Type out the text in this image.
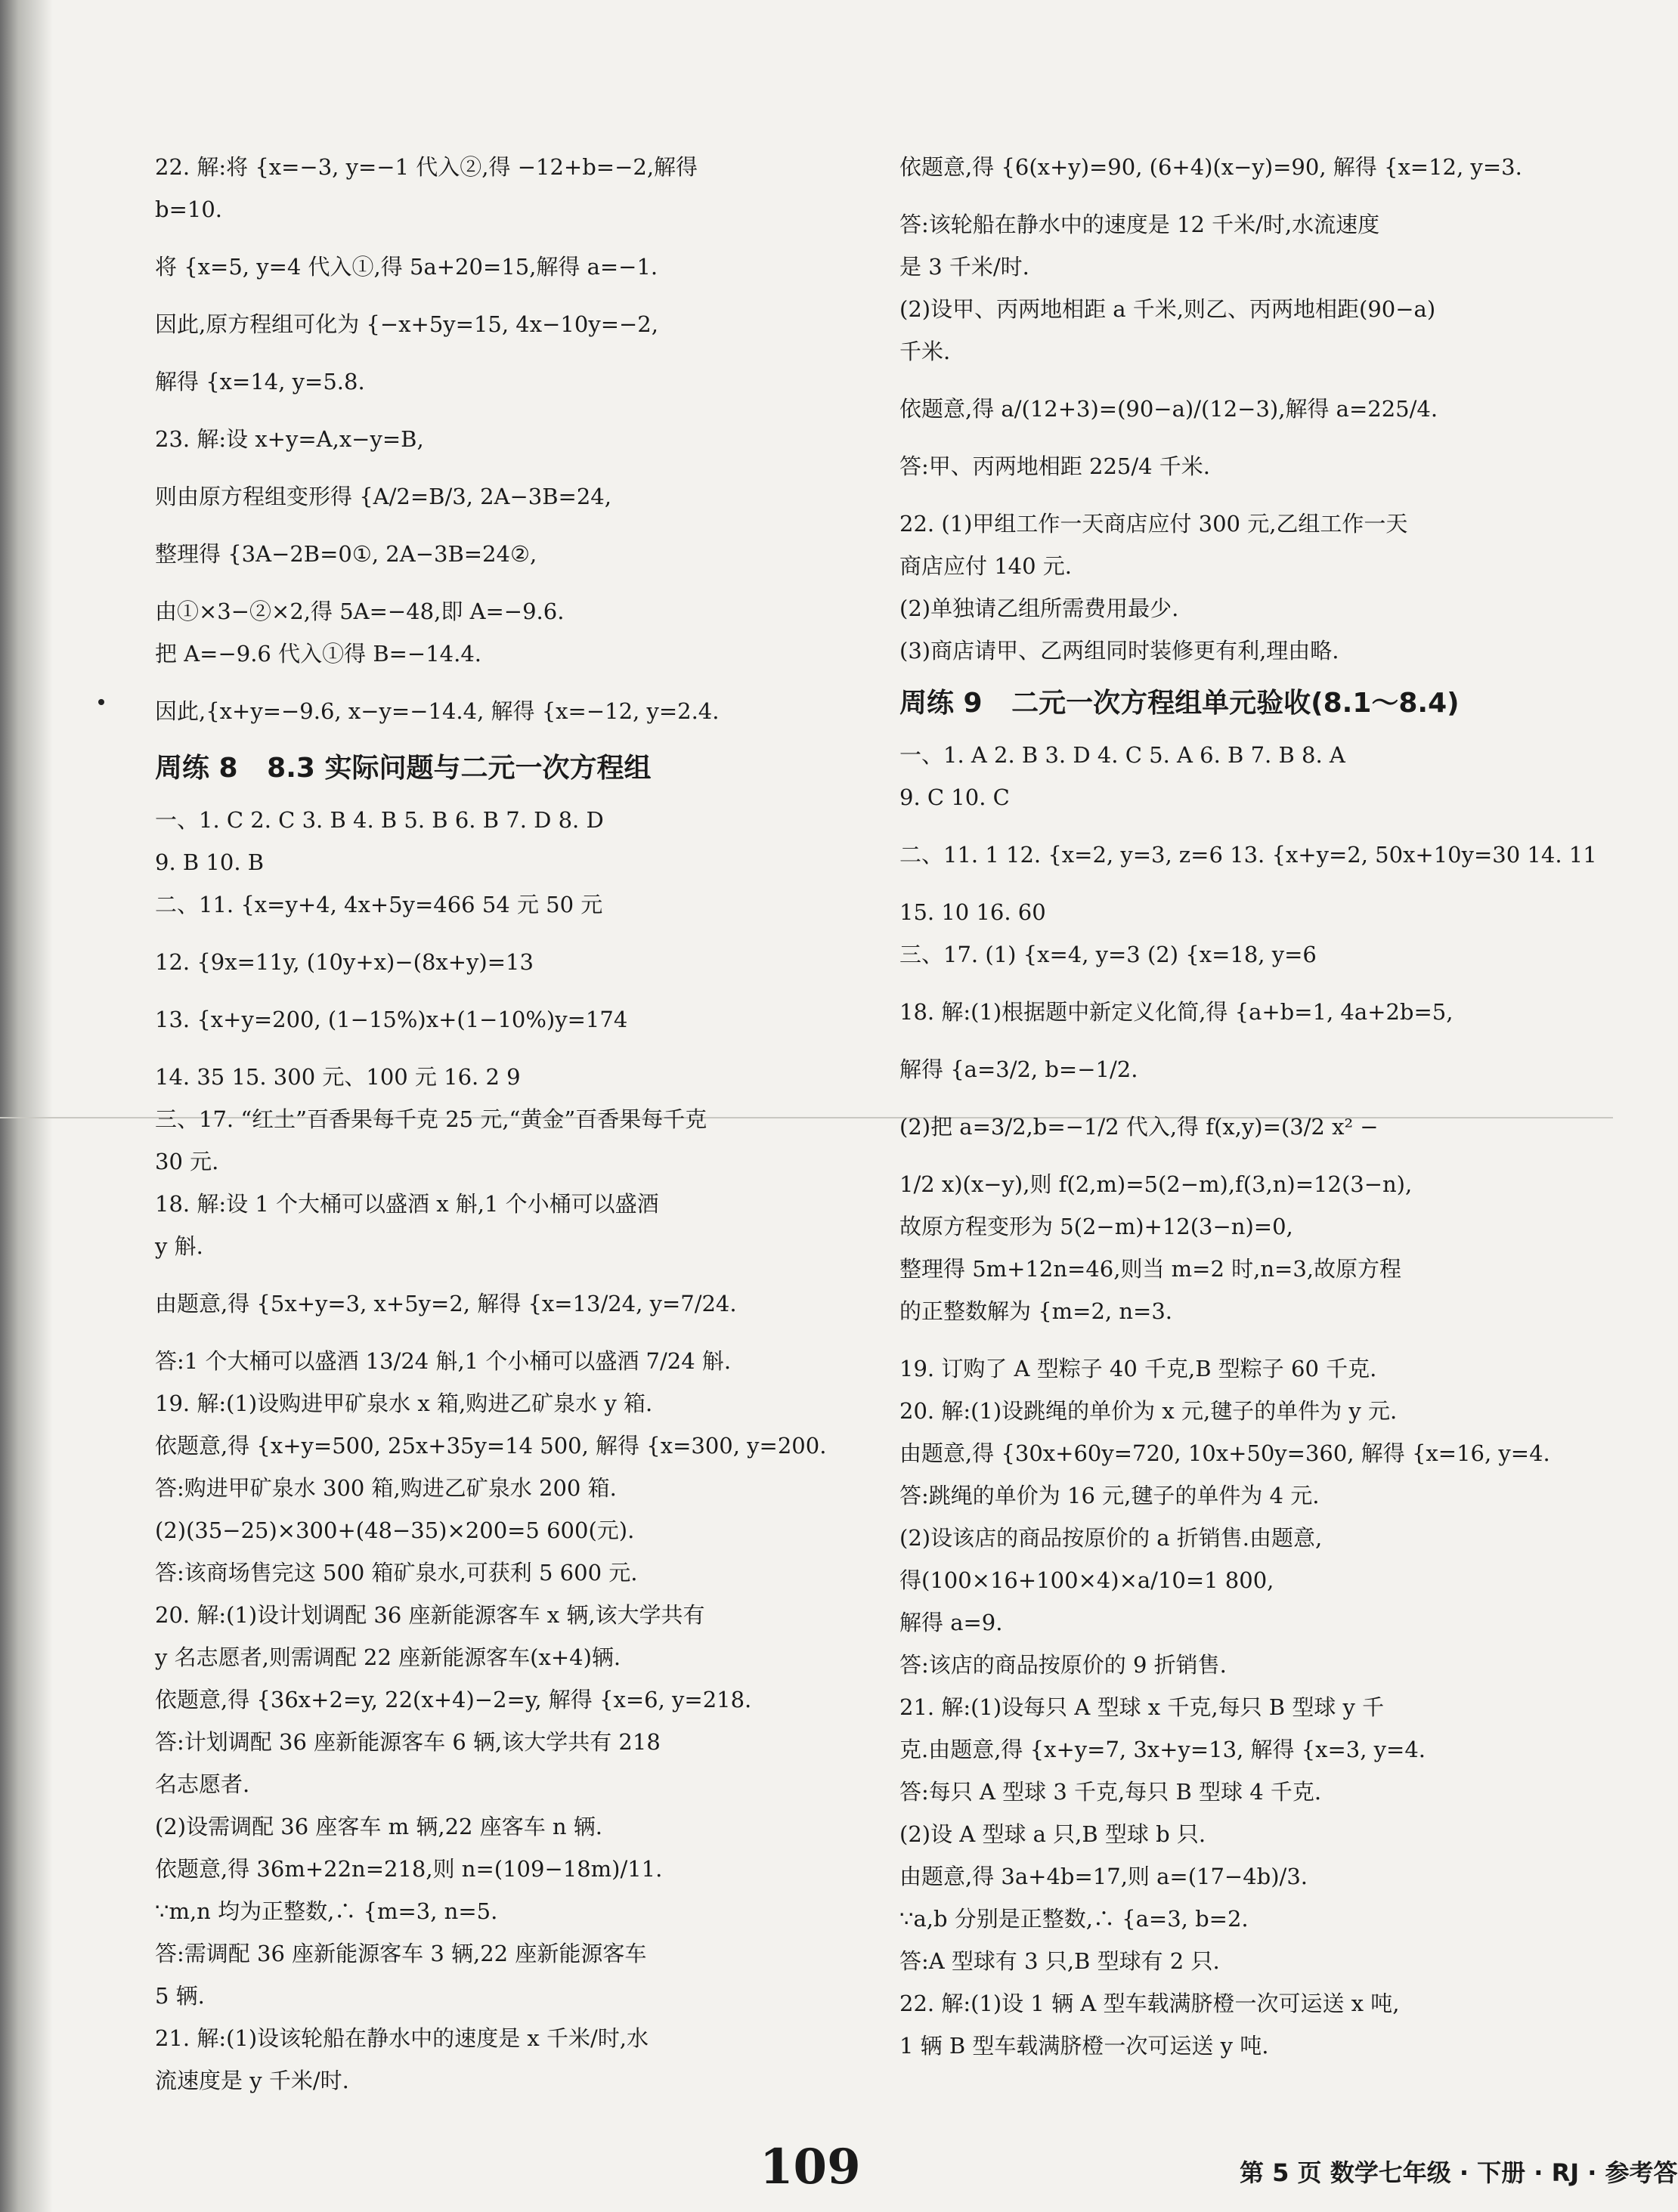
22. 解:将 {x=−3, y=−1 代入②,得 −12+b=−2,解得
b=10.
将 {x=5, y=4 代入①,得 5a+20=15,解得 a=−1.
因此,原方程组可化为 {−x+5y=15, 4x−10y=−2,
解得 {x=14, y=5.8.
23. 解:设 x+y=A,x−y=B,
则由原方程组变形得 {A/2=B/3, 2A−3B=24,
整理得 {3A−2B=0①, 2A−3B=24②,
由①×3−②×2,得 5A=−48,即 A=−9.6.
把 A=−9.6 代入①得 B=−14.4.
因此,{x+y=−9.6, x−y=−14.4, 解得 {x=−12, y=2.4.
周练 8 8.3 实际问题与二元一次方程组
一、1. C 2. C 3. B 4. B 5. B 6. B 7. D 8. D
9. B 10. B
二、11. {x=y+4, 4x+5y=466 54 元 50 元
12. {9x=11y, (10y+x)−(8x+y)=13
13. {x+y=200, (1−15%)x+(1−10%)y=174
14. 35 15. 300 元、100 元 16. 2 9
三、17. “红土”百香果每千克 25 元,“黄金”百香果每千克
30 元.
18. 解:设 1 个大桶可以盛酒 x 斛,1 个小桶可以盛酒
y 斛.
由题意,得 {5x+y=3, x+5y=2, 解得 {x=13/24, y=7/24.
答:1 个大桶可以盛酒 13/24 斛,1 个小桶可以盛酒 7/24 斛.
19. 解:(1)设购进甲矿泉水 x 箱,购进乙矿泉水 y 箱.
依题意,得 {x+y=500, 25x+35y=14 500, 解得 {x=300, y=200.
答:购进甲矿泉水 300 箱,购进乙矿泉水 200 箱.
(2)(35−25)×300+(48−35)×200=5 600(元).
答:该商场售完这 500 箱矿泉水,可获利 5 600 元.
20. 解:(1)设计划调配 36 座新能源客车 x 辆,该大学共有
y 名志愿者,则需调配 22 座新能源客车(x+4)辆.
依题意,得 {36x+2=y, 22(x+4)−2=y, 解得 {x=6, y=218.
答:计划调配 36 座新能源客车 6 辆,该大学共有 218
名志愿者.
(2)设需调配 36 座客车 m 辆,22 座客车 n 辆.
依题意,得 36m+22n=218,则 n=(109−18m)/11.
∵m,n 均为正整数,∴ {m=3, n=5.
答:需调配 36 座新能源客车 3 辆,22 座新能源客车
5 辆.
21. 解:(1)设该轮船在静水中的速度是 x 千米/时,水
流速度是 y 千米/时.
依题意,得 {6(x+y)=90, (6+4)(x−y)=90, 解得 {x=12, y=3.
答:该轮船在静水中的速度是 12 千米/时,水流速度
是 3 千米/时.
(2)设甲、丙两地相距 a 千米,则乙、丙两地相距(90−a)
千米.
依题意,得 a/(12+3)=(90−a)/(12−3),解得 a=225/4.
答:甲、丙两地相距 225/4 千米.
22. (1)甲组工作一天商店应付 300 元,乙组工作一天
商店应付 140 元.
(2)单独请乙组所需费用最少.
(3)商店请甲、乙两组同时装修更有利,理由略.
周练 9 二元一次方程组单元验收(8.1～8.4)
一、1. A 2. B 3. D 4. C 5. A 6. B 7. B 8. A
9. C 10. C
二、11. 1 12. {x=2, y=3, z=6 13. {x+y=2, 50x+10y=30 14. 11
15. 10 16. 60
三、17. (1) {x=4, y=3 (2) {x=18, y=6
18. 解:(1)根据题中新定义化简,得 {a+b=1, 4a+2b=5,
解得 {a=3/2, b=−1/2.
(2)把 a=3/2,b=−1/2 代入,得 f(x,y)=(3/2 x² −
1/2 x)(x−y),则 f(2,m)=5(2−m),f(3,n)=12(3−n),
故原方程变形为 5(2−m)+12(3−n)=0,
整理得 5m+12n=46,则当 m=2 时,n=3,故原方程
的正整数解为 {m=2, n=3.
19. 订购了 A 型粽子 40 千克,B 型粽子 60 千克.
20. 解:(1)设跳绳的单价为 x 元,毽子的单件为 y 元.
由题意,得 {30x+60y=720, 10x+50y=360, 解得 {x=16, y=4.
答:跳绳的单价为 16 元,毽子的单件为 4 元.
(2)设该店的商品按原价的 a 折销售.由题意,
得(100×16+100×4)×a/10=1 800,
解得 a=9.
答:该店的商品按原价的 9 折销售.
21. 解:(1)设每只 A 型球 x 千克,每只 B 型球 y 千
克.由题意,得 {x+y=7, 3x+y=13, 解得 {x=3, y=4.
答:每只 A 型球 3 千克,每只 B 型球 4 千克.
(2)设 A 型球 a 只,B 型球 b 只.
由题意,得 3a+4b=17,则 a=(17−4b)/3.
∵a,b 分别是正整数,∴ {a=3, b=2.
答:A 型球有 3 只,B 型球有 2 只.
22. 解:(1)设 1 辆 A 型车载满脐橙一次可运送 x 吨,
1 辆 B 型车载满脐橙一次可运送 y 吨.
109	第 5 页 数学七年级 · 下册 · RJ · 参考答
